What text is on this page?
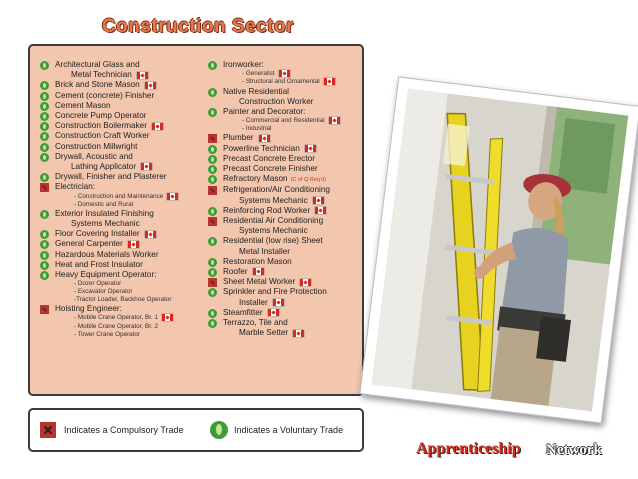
Construction Sector
Architectural Glass and
Metal Technician
Brick and Stone Mason
Cement (concrete) Finisher
Cement Mason
Concrete Pump Operator
Construction Boilermaker
Construction Craft Worker
Construction Millwright
Drywall, Acoustic and
Lathing Applicator
Drywall, Finisher and Plasterer
Electrician:
- Construction and Maintenance
- Domestic and Rural
Exterior Insulated Finishing
Systems Mechanic
Floor Covering Installer
General Carpenter
Hazardous Materials Worker
Heat and Frost Insulator
Heavy Equipment Operator:
- Dozer Operator
- Excavator Operator
-Tractor Loader, Backhoe Operator
Hoisting Engineer:
- Mobile Crane Operator, Br. 1
- Mobile Crane Operator, Br. 2
- Tower Crane Operator
Ironworker:
- Generalist
- Structural and Ornamental
Native Residential
Construction Worker
Painter and Decorator:
- Commercial and Residential
- Industrial
Plumber
Powerline Technician
Precast Concrete Erector
Precast Concrete Finisher
Refractory Mason (C of Q Req'd)
Refrigeration/Air Conditioning
Systems Mechanic
Reinforcing Rod Worker
Residential Air Conditioning
Systems Mechanic
Residential (low rise) Sheet
Metal Installer
Restoration Mason
Roofer
Sheet Metal Worker
Sprinkler and Fire Protection
Installer
Steamfitter
Terrazzo, Tile and
Marble Setter
Indicates a Compulsory Trade	Indicates a Voluntary Trade
Apprenticeship Network
